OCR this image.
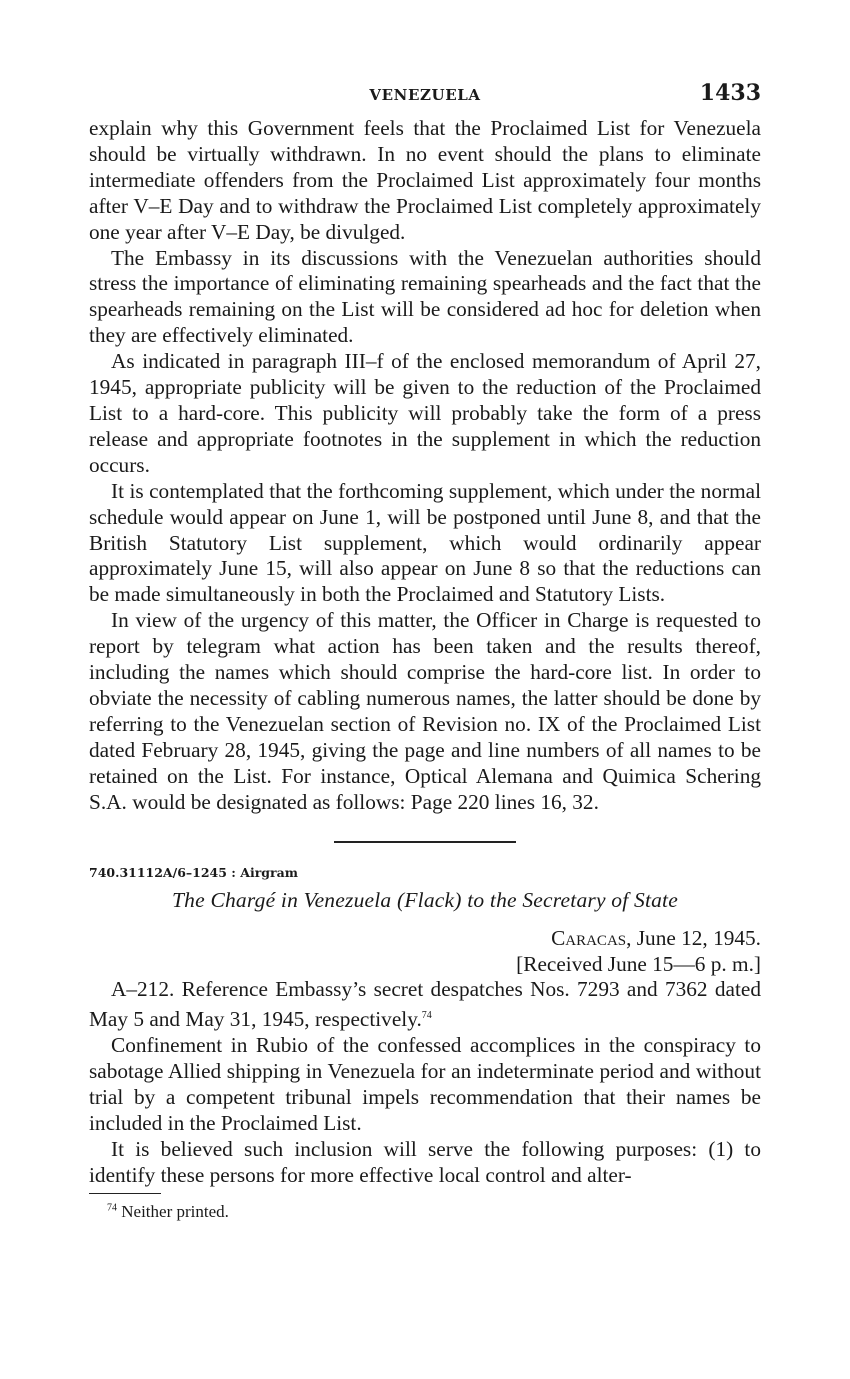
VENEZUELA	1433

explain why this Government feels that the Proclaimed List for Venezuela should be virtually withdrawn. In no event should the plans to eliminate intermediate offenders from the Proclaimed List approximately four months after V–E Day and to withdraw the Proclaimed List completely approximately one year after V–E Day, be divulged.

The Embassy in its discussions with the Venezuelan authorities should stress the importance of eliminating remaining spearheads and the fact that the spearheads remaining on the List will be considered ad hoc for deletion when they are effectively eliminated.

As indicated in paragraph III–f of the enclosed memorandum of April 27, 1945, appropriate publicity will be given to the reduction of the Proclaimed List to a hard-core. This publicity will probably take the form of a press release and appropriate footnotes in the supplement in which the reduction occurs.

It is contemplated that the forthcoming supplement, which under the normal schedule would appear on June 1, will be postponed until June 8, and that the British Statutory List supplement, which would ordinarily appear approximately June 15, will also appear on June 8 so that the reductions can be made simultaneously in both the Proclaimed and Statutory Lists.

In view of the urgency of this matter, the Officer in Charge is requested to report by telegram what action has been taken and the results thereof, including the names which should comprise the hard-core list. In order to obviate the necessity of cabling numerous names, the latter should be done by referring to the Venezuelan section of Revision no. IX of the Proclaimed List dated February 28, 1945, giving the page and line numbers of all names to be retained on the List. For instance, Optical Alemana and Quimica Schering S.A. would be designated as follows: Page 220 lines 16, 32.

740.31112A/6–1245 : Airgram

The Chargé in Venezuela (Flack) to the Secretary of State

Caracas, June 12, 1945.

[Received June 15—6 p. m.]

A–212. Reference Embassy’s secret despatches Nos. 7293 and 7362 dated May 5 and May 31, 1945, respectively.$^{74}$

Confinement in Rubio of the confessed accomplices in the conspiracy to sabotage Allied shipping in Venezuela for an indeterminate period and without trial by a competent tribunal impels recommendation that their names be included in the Proclaimed List.

It is believed such inclusion will serve the following purposes: (1) to identify these persons for more effective local control and alter-

$^{74}$ Neither printed.
